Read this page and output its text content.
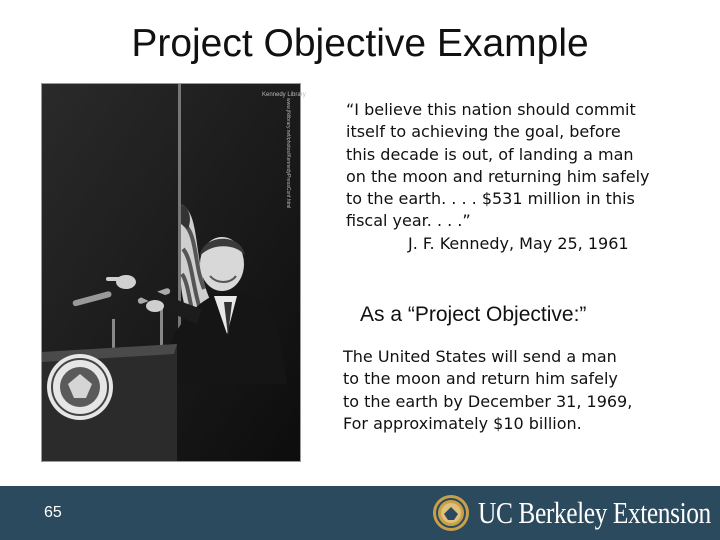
Project Objective Example
Kennedy Library
www.jfklibrary.net/photos/KennedyPressConf.html	“I believe this nation should commit
itself to achieving the goal, before
this decade is out, of landing a man
on the moon and returning him safely
to the earth. . . . $531 million in this
fiscal year. . . .”
J. F. Kennedy, May 25, 1961
As a “Project Objective:”
The United States will send a man
to the moon and return him safely
to the earth by December 31, 1969,
For approximately $10 billion.
65	UC Berkeley Extension
